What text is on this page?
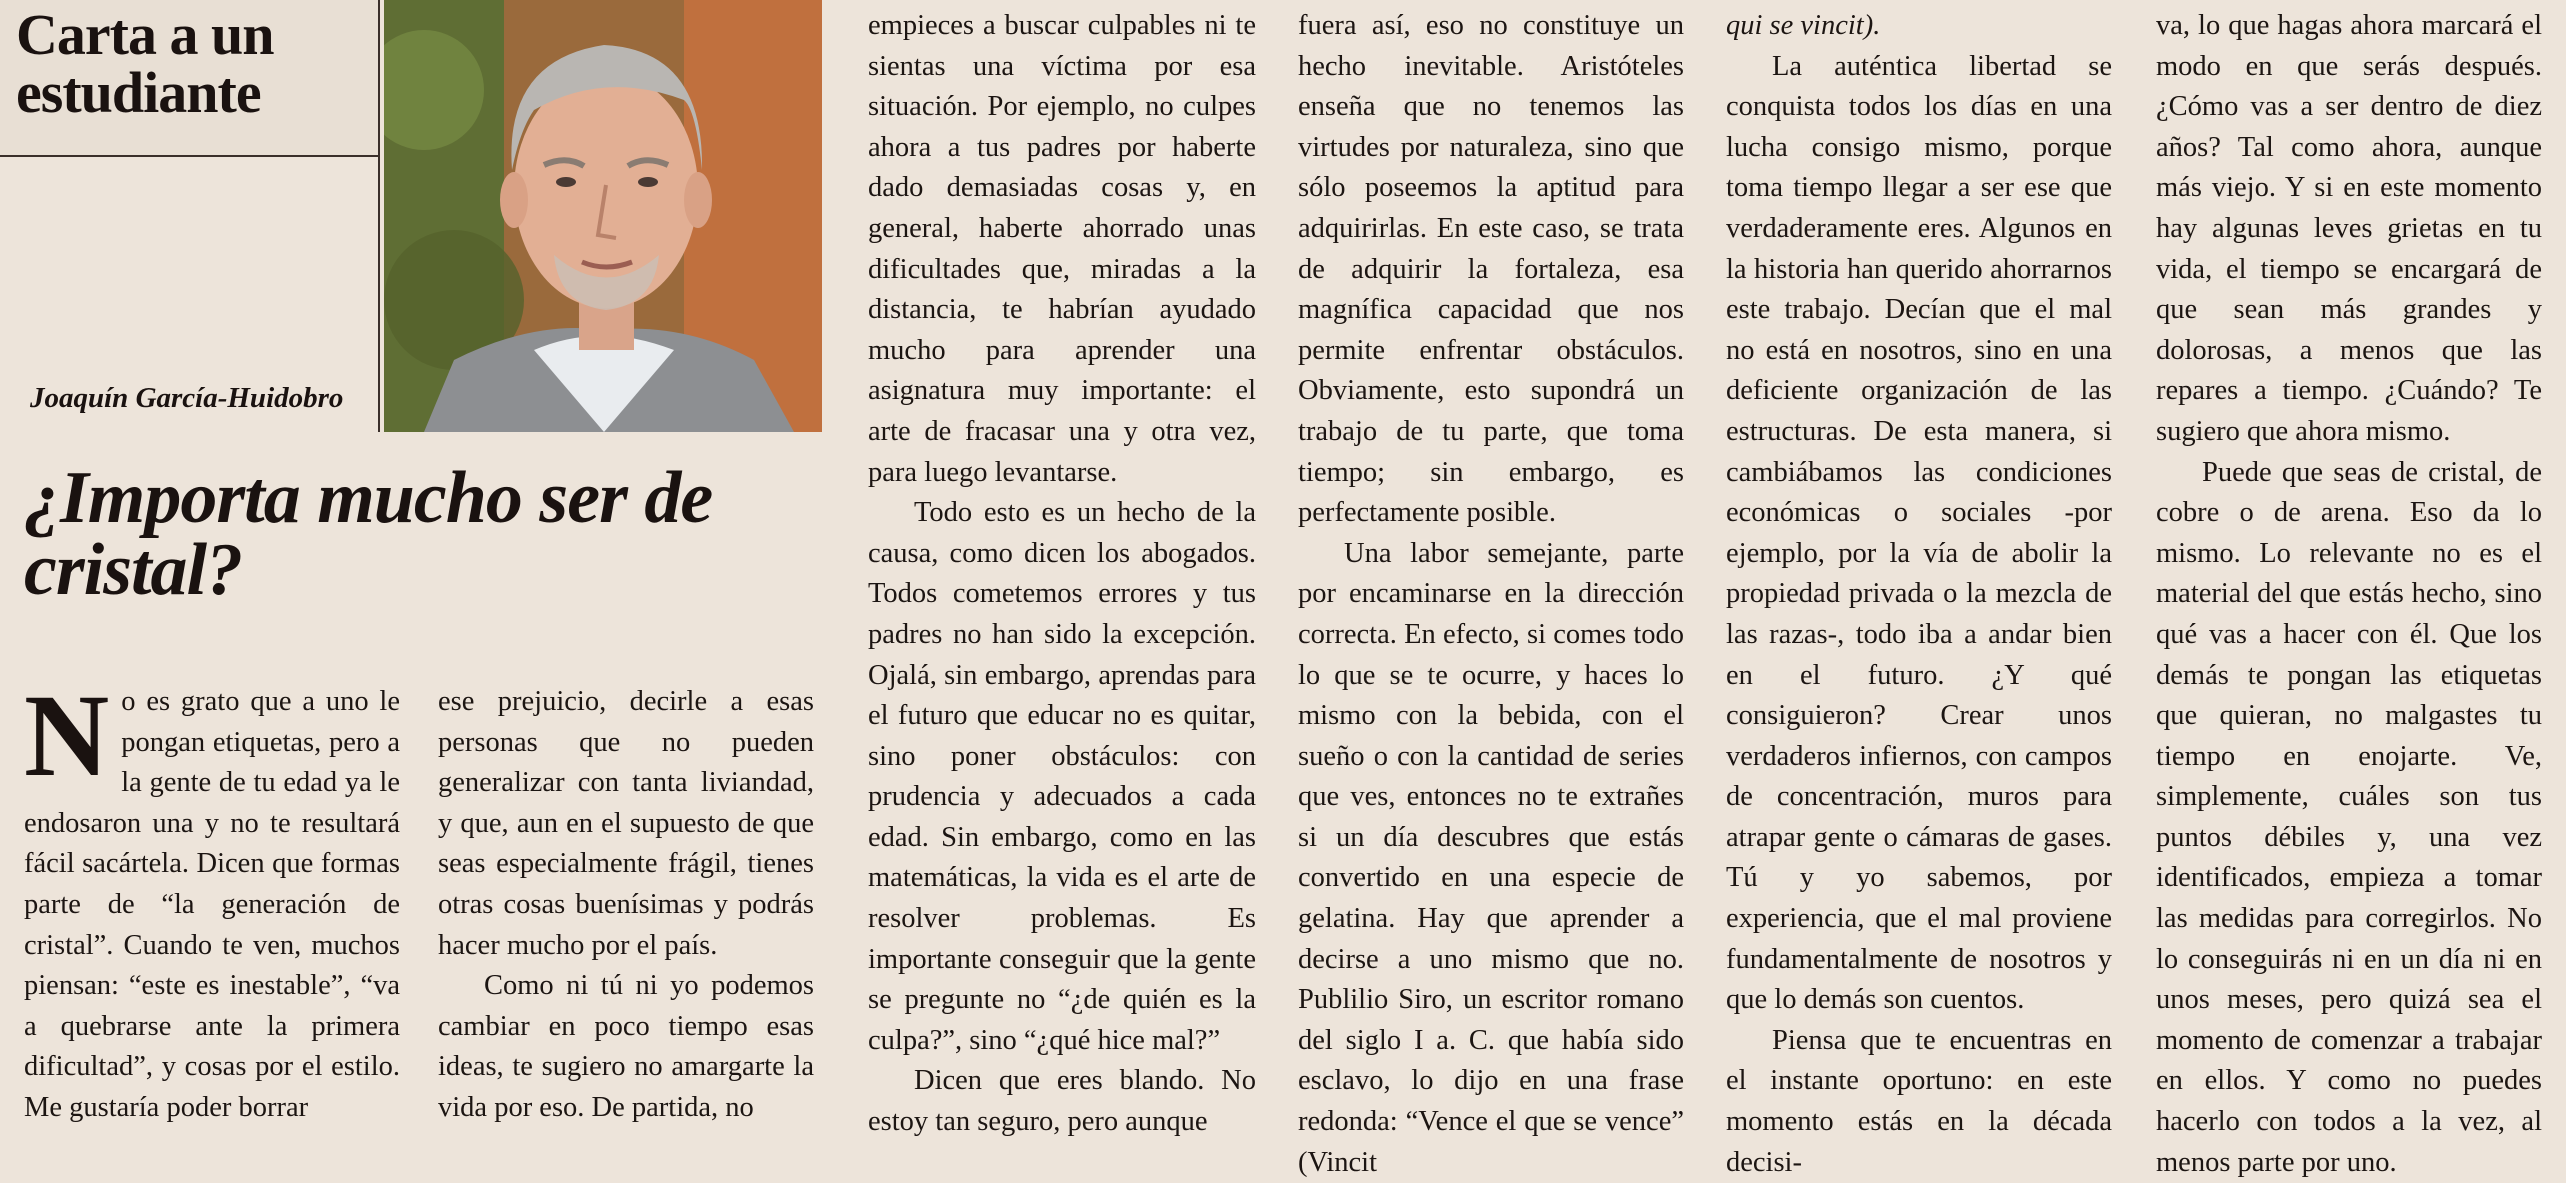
Carta a un estudiante
Joaquín García-Huidobro
¿Importa mucho ser de cristal?
N o es grato que a uno le pongan etiquetas, pero a la gente de tu edad ya le endosaron una y no te resultará fácil sacártela. Dicen que formas parte de “la generación de cristal”. Cuando te ven, muchos piensan: “este es inestable”, “va a quebrarse ante la primera dificultad”, y cosas por el estilo. Me gustaría poder borrar

ese prejuicio, decirle a esas personas que no pueden generalizar con tanta liviandad, y que, aun en el supuesto de que seas especialmente frágil, tienes otras cosas buenísimas y podrás hacer mucho por el país.

Como ni tú ni yo podemos cambiar en poco tiempo esas ideas, te sugiero no amargarte la vida por eso. De partida, no

empieces a buscar culpables ni te sientas una víctima por esa situación. Por ejemplo, no culpes ahora a tus padres por haberte dado demasiadas cosas y, en general, haberte ahorrado unas dificultades que, miradas a la distancia, te habrían ayudado mucho para aprender una asignatura muy importante: el arte de fracasar una y otra vez, para luego levantarse.

Todo esto es un hecho de la causa, como dicen los abogados. Todos cometemos errores y tus padres no han sido la excepción. Ojalá, sin embargo, aprendas para el futuro que educar no es quitar, sino poner obstáculos: con prudencia y adecuados a cada edad. Sin embargo, como en las matemáticas, la vida es el arte de resolver problemas. Es importante conseguir que la gente se pregunte no “¿de quién es la culpa?”, sino “¿qué hice mal?”

Dicen que eres blando. No estoy tan seguro, pero aunque

fuera así, eso no constituye un hecho inevitable. Aristóteles enseña que no tenemos las virtudes por naturaleza, sino que sólo poseemos la aptitud para adquirirlas. En este caso, se trata de adquirir la fortaleza, esa magnífica capacidad que nos permite enfrentar obstáculos. Obviamente, esto supondrá un trabajo de tu parte, que toma tiempo; sin embargo, es perfectamente posible.

Una labor semejante, parte por encaminarse en la dirección correcta. En efecto, si comes todo lo que se te ocurre, y haces lo mismo con la bebida, con el sueño o con la cantidad de series que ves, entonces no te extrañes si un día descubres que estás convertido en una especie de gelatina. Hay que aprender a decirse a uno mismo que no. Publilio Siro, un escritor romano del siglo I a. C. que había sido esclavo, lo dijo en una frase redonda: “Vence el que se vence” (Vincit

qui se vincit).

La auténtica libertad se conquista todos los días en una lucha consigo mismo, porque toma tiempo llegar a ser ese que verdaderamente eres. Algunos en la historia han querido ahorrarnos este trabajo. Decían que el mal no está en nosotros, sino en una deficiente organización de las estructuras. De esta manera, si cambiábamos las condiciones económicas o sociales -por ejemplo, por la vía de abolir la propiedad privada o la mezcla de las razas-, todo iba a andar bien en el futuro. ¿Y qué consiguieron? Crear unos verdaderos infiernos, con campos de concentración, muros para atrapar gente o cámaras de gases. Tú y yo sabemos, por experiencia, que el mal proviene fundamentalmente de nosotros y que lo demás son cuentos.

Piensa que te encuentras en el instante oportuno: en este momento estás en la década decisi-

va, lo que hagas ahora marcará el modo en que serás después. ¿Cómo vas a ser dentro de diez años? Tal como ahora, aunque más viejo. Y si en este momento hay algunas leves grietas en tu vida, el tiempo se encargará de que sean más grandes y dolorosas, a menos que las repares a tiempo. ¿Cuándo? Te sugiero que ahora mismo.

Puede que seas de cristal, de cobre o de arena. Eso da lo mismo. Lo relevante no es el material del que estás hecho, sino qué vas a hacer con él. Que los demás te pongan las etiquetas que quieran, no malgastes tu tiempo en enojarte. Ve, simplemente, cuáles son tus puntos débiles y, una vez identificados, empieza a tomar las medidas para corregirlos. No lo conseguirás ni en un día ni en unos meses, pero quizá sea el momento de comenzar a trabajar en ellos. Y como no puedes hacerlo con todos a la vez, al menos parte por uno.
